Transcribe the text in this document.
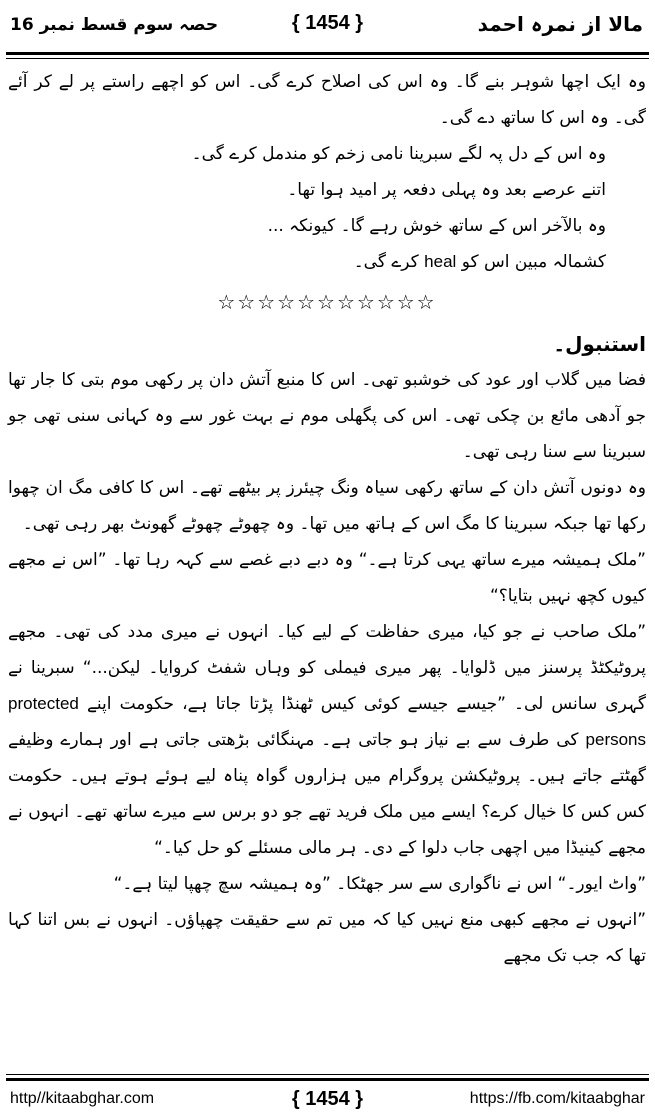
حصہ سوم قسط نمبر 16	{ 1454 }	مالا از نمرہ احمد

وہ ایک اچھا شوہر بنے گا۔ وہ اس کی اصلاح کرے گی۔ اس کو اچھے راستے پر لے کر آئے گی۔ وہ اس کا ساتھ دے گی۔

وہ اس کے دل پہ لگے سبرینا نامی زخم کو مندمل کرے گی۔

اتنے عرصے بعد وہ پہلی دفعہ پر امید ہوا تھا۔

وہ بالآخر اس کے ساتھ خوش رہے گا۔ کیونکہ ...

کشمالہ مبین اس کو heal کرے گی۔

☆☆☆☆☆☆☆☆☆☆☆

استنبول۔

فضا میں گلاب اور عود کی خوشبو تھی۔ اس کا منبع آتش دان پر رکھی موم بتی کا جار تھا جو آدھی مائع بن چکی تھی۔ اس کی پگھلی موم نے بہت غور سے وہ کہانی سنی تھی جو سبرینا سے سنا رہی تھی۔

وہ دونوں آتش دان کے ساتھ رکھی سیاہ ونگ چیئرز پر بیٹھے تھے۔ اس کا کافی مگ ان چھوا رکھا تھا جبکہ سبرینا کا مگ اس کے ہاتھ میں تھا۔ وہ چھوٹے چھوٹے گھونٹ بھر رہی تھی۔

”ملک ہمیشہ میرے ساتھ یہی کرتا ہے۔“ وہ دبے دبے غصے سے کہہ رہا تھا۔ ”اس نے مجھے کیوں کچھ نہیں بتایا؟“

”ملک صاحب نے جو کیا، میری حفاظت کے لیے کیا۔ انہوں نے میری مدد کی تھی۔ مجھے پروٹیکٹڈ پرسنز میں ڈلوایا۔ پھر میری فیملی کو وہاں شفٹ کروایا۔ لیکن...“ سبرینا نے گہری سانس لی۔ ”جیسے جیسے کوئی کیس ٹھنڈا پڑتا جاتا ہے، حکومت اپنے protected persons کی طرف سے بے نیاز ہو جاتی ہے۔ مہنگائی بڑھتی جاتی ہے اور ہمارے وظیفے گھٹتے جاتے ہیں۔ پروٹیکشن پروگرام میں ہزاروں گواہ پناہ لیے ہوئے ہوتے ہیں۔ حکومت کس کس کا خیال کرے؟ ایسے میں ملک فرید تھے جو دو برس سے میرے ساتھ تھے۔ انہوں نے مجھے کینیڈا میں اچھی جاب دلوا کے دی۔ ہر مالی مسئلے کو حل کیا۔“

”واٹ ایور۔“ اس نے ناگواری سے سر جھٹکا۔ ”وہ ہمیشہ سچ چھپا لیتا ہے۔“

”انہوں نے مجھے کبھی منع نہیں کیا کہ میں تم سے حقیقت چھپاؤں۔ انہوں نے بس اتنا کہا تھا کہ جب تک مجھے

http//kitaabghar.com	{ 1454 }	https://fb.com/kitaabghar
